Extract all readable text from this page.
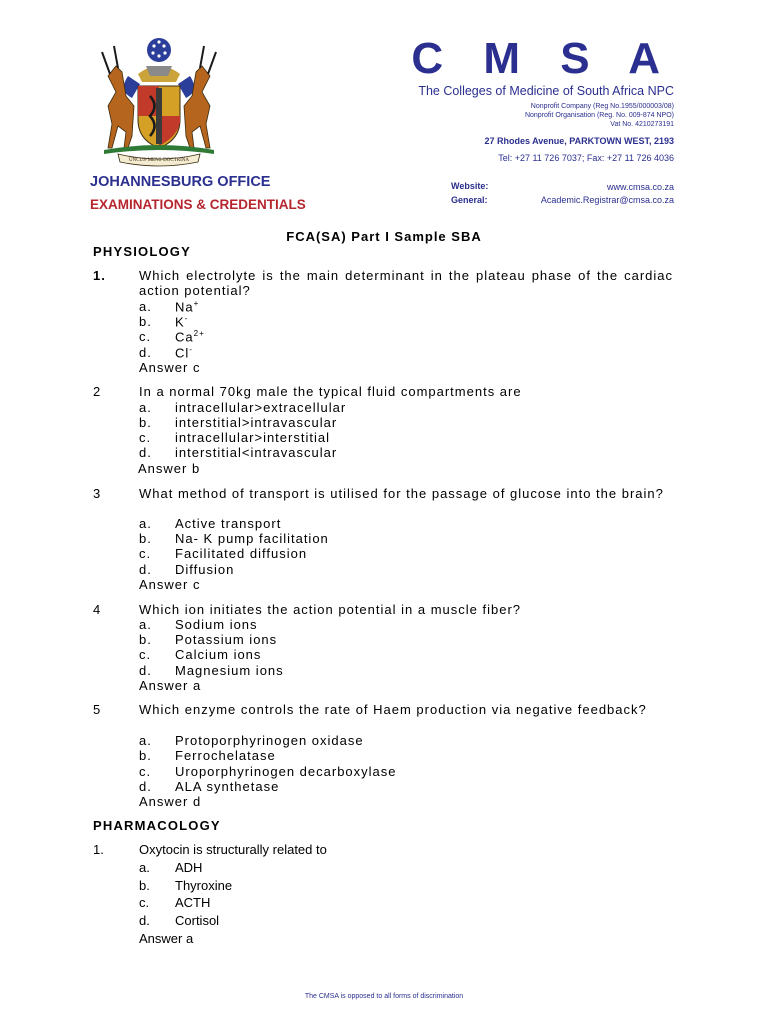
UNCUS·MENS·DOCTRINA
C M S A
The Colleges of Medicine of South Africa NPC
Nonprofit Company (Reg No.1955/000003/08)
Nonprofit Organisation (Reg. No. 009-874 NPO)
Vat No. 4210273191
27 Rhodes Avenue, PARKTOWN WEST, 2193
Tel: +27 11 726 7037; Fax: +27 11 726 4036
JOHANNESBURG OFFICE
EXAMINATIONS & CREDENTIALS
Website:	www.cmsa.co.za
General:	Academic.Registrar@cmsa.co.za
FCA(SA) Part I Sample SBA
PHYSIOLOGY
1.	Which electrolyte is the main determinant in the plateau phase of the cardiac action potential?
a. Na+
b. K-
c. $Ca^{2+}$
d. Cl-
Answer c
2	In a normal 70kg male the typical fluid compartments are
a. intracellular>extracellular
b. interstitial>intravascular
c. intracellular>interstitial
d. interstitial<intravascular
Answer b
3	What method of transport is utilised for the passage of glucose into the brain?
a. Active transport
b. Na- K pump facilitation
c. Facilitated diffusion
d. Diffusion
Answer c
4	Which ion initiates the action potential in a muscle fiber?
a. Sodium ions
b. Potassium ions
c. Calcium ions
d. Magnesium ions
Answer a
5	Which enzyme controls the rate of Haem production via negative feedback?
a. Protoporphyrinogen oxidase
b. Ferrochelatase
c. Uroporphyrinogen decarboxylase
d. ALA synthetase
Answer d
PHARMACOLOGY
1.	Oxytocin is structurally related to
a. ADH
b. Thyroxine
c. ACTH
d. Cortisol
Answer a
The CMSA is opposed to all forms of discrimination
